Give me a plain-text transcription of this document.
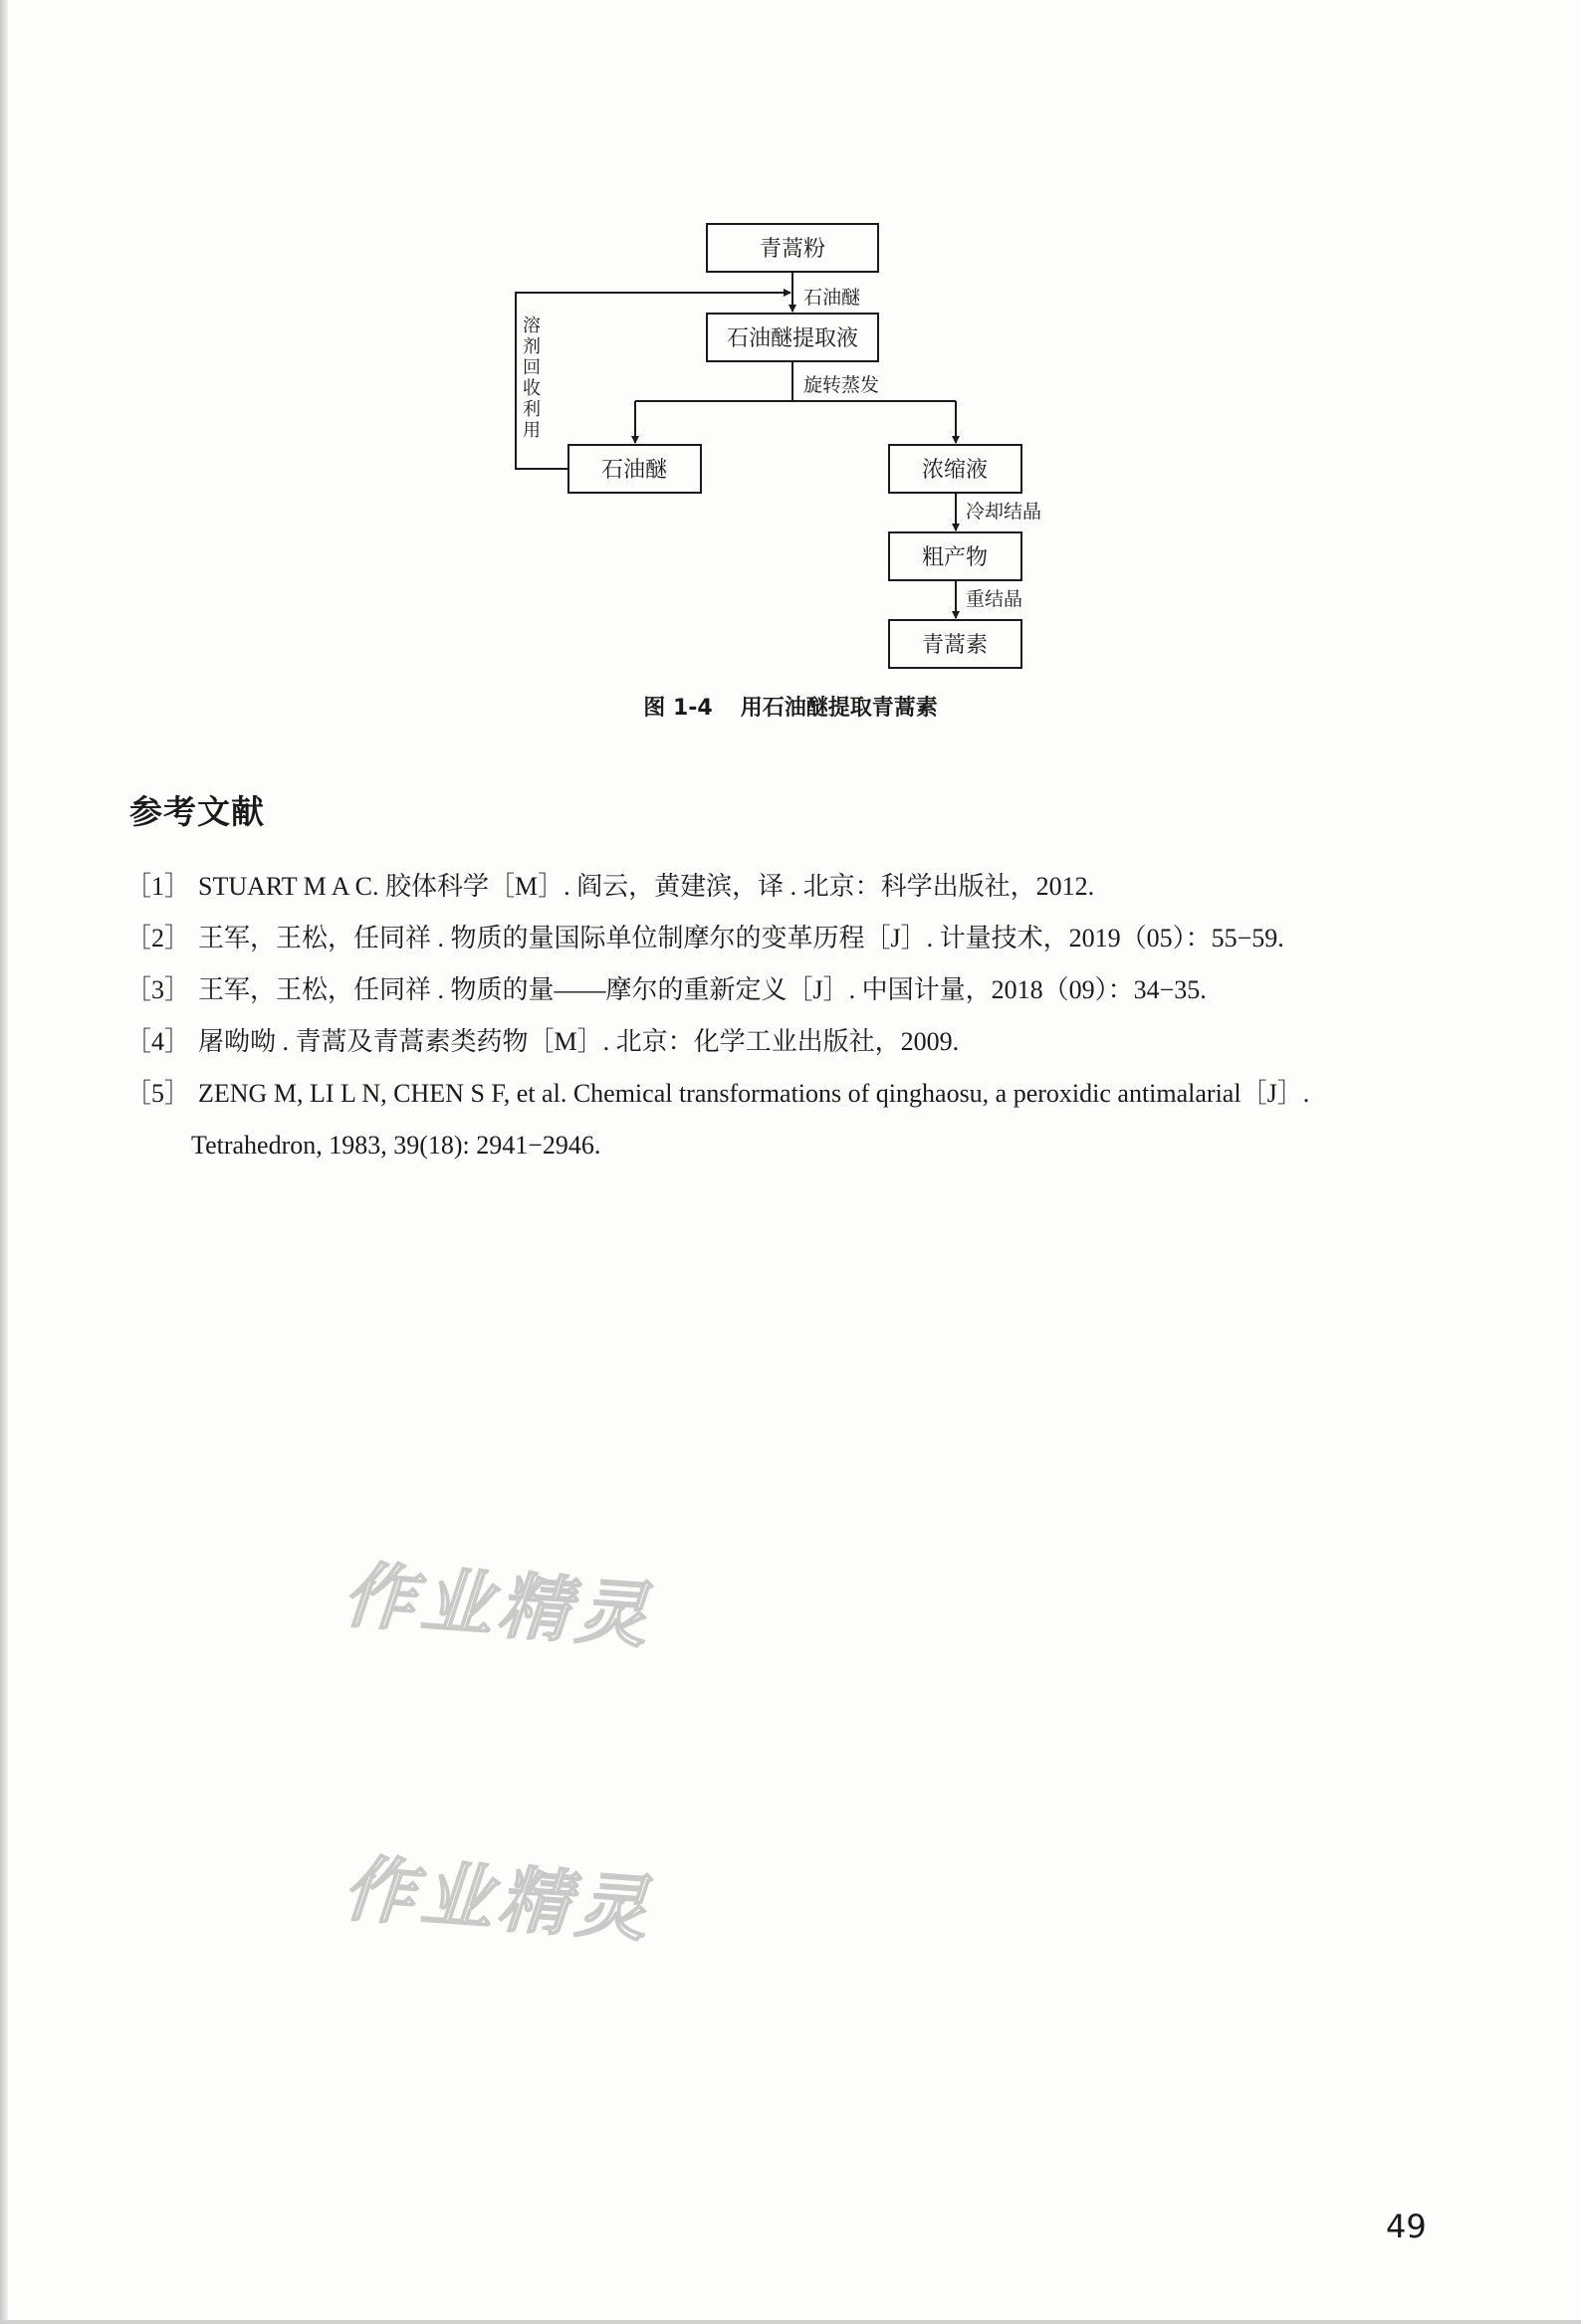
青蒿粉
石油醚提取液
石油醚	浓缩液
粗产物
青蒿素
石油醚
旋转蒸发
冷却结晶
重结晶
溶
剂
回
收
利
用
图 1-4 用石油醚提取青蒿素
参考文献
［1］ STUART M A C. 胶体科学［M］. 阎云，黄建滨，译 . 北京：科学出版社，2012.
［2］ 王军，王松，任同祥 . 物质的量国际单位制摩尔的变革历程［J］. 计量技术，2019（05）：55−59.
［3］ 王军，王松，任同祥 . 物质的量——摩尔的重新定义［J］. 中国计量，2018（09）：34−35.
［4］ 屠呦呦 . 青蒿及青蒿素类药物［M］. 北京：化学工业出版社，2009.
［5］ ZENG M, LI L N, CHEN S F, et al. Chemical transformations of qinghaosu, a peroxidic antimalarial［J］.
Tetrahedron, 1983, 39(18): 2941−2946.
作业精灵
作业精灵
49
